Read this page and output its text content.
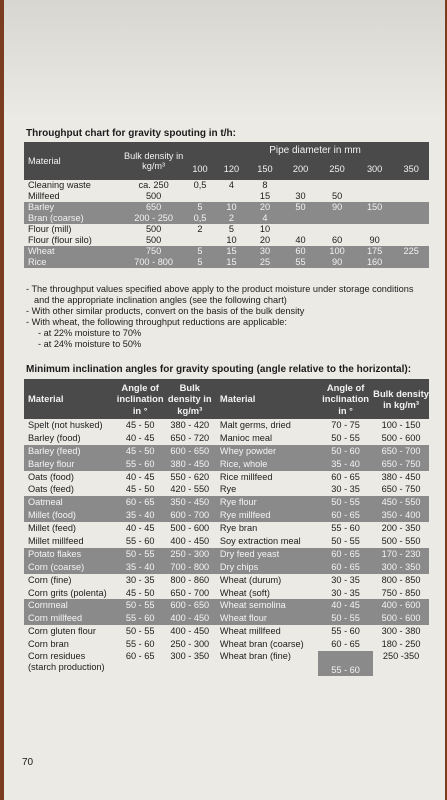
Throughput chart for gravity spouting in t/h:
Material	Bulk density in kg/m³			Pipe diameter in mm				
		100	120	150	200	250	300	350
Cleaning waste	ca. 250	0,5	4	8				
Millfeed	500			15	30	50		
Barley	650	5	10	20	50	90	150	
Bran (coarse)	200 - 250	0,5	2	4				
Flour (mill)	500	2	5	10				
Flour (flour silo)	500		10	20	40	60	90	
Wheat	750	5	15	30	60	100	175	225
Rice	700 - 800	5	15	25	55	90	160	
- The throughput values specified above apply to the product moisture under storage conditions
and the appropriate inclination angles (see the following chart)
- With other similar products, convert on the basis of the bulk density
- With wheat, the following throughput reductions are applicable:
- at 22% moisture to 70%
- at 24% moisture to 50%
Minimum inclination angles for gravity spouting (angle relative to the horizontal):
Material	Angle of inclination in °	Bulk density in kg/m³	Material	Angle of inclination in °	Bulk density in kg/m³
Spelt (not husked)	45 - 50	380 - 420	Malt germs, dried	70 - 75	100 - 150
Barley (food)	40 - 45	650 - 720	Manioc meal	50 - 55	500 - 600
Barley (feed)	45 - 50	600 - 650	Whey powder	50 - 60	650 - 700
Barley flour	55 - 60	380 - 450	Rice, whole	35 - 40	650 - 750
Oats (food)	40 - 45	550 - 620	Rice millfeed	60 - 65	380 - 450
Oats (feed)	45 - 50	420 - 550	Rye	30 - 35	650 - 750
Oatmeal	60 - 65	350 - 450	Rye flour	50 - 55	450 - 550
Millet (food)	35 - 40	600 - 700	Rye millfeed	60 - 65	350 - 400
Millet (feed)	40 - 45	500 - 600	Rye bran	55 - 60	200 - 350
Millet millfeed	55 - 60	400 - 450	Soy extraction meal	50 - 55	500 - 550
Potato flakes	50 - 55	250 - 300	Dry feed yeast	60 - 65	170 - 230
Corn (coarse)	35 - 40	700 - 800	Dry chips	60 - 65	300 - 350
Corn (fine)	30 - 35	800 - 860	Wheat (durum)	30 - 35	800 - 850
Corn grits (polenta)	45 - 50	650 - 700	Wheat (soft)	30 - 35	750 - 850
Cornmeal	50 - 55	600 - 650	Wheat semolina	40 - 45	400 - 600
Corn millfeed	55 - 60	400 - 450	Wheat flour	50 - 55	500 - 600
Corn gluten flour	50 - 55	400 - 450	Wheat millfeed	55 - 60	300 - 380
Corn bran	55 - 60	250 - 300	Wheat bran (coarse)	60 - 65	180 - 250

Corn residues
(starch production)	60 - 65	300 - 350	Wheat bran (fine)	55 - 60	250 -350
70
